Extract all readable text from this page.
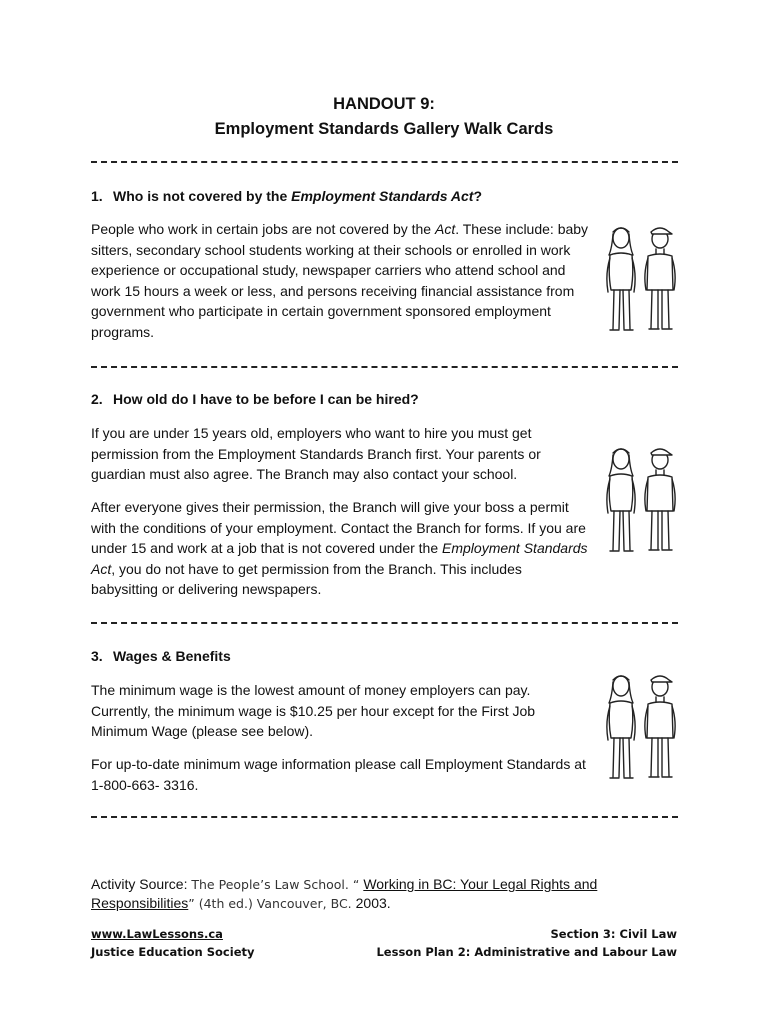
HANDOUT 9:
Employment Standards Gallery Walk Cards
1. Who is not covered by the Employment Standards Act?
People who work in certain jobs are not covered by the Act. These include: baby sitters, secondary school students working at their schools or enrolled in work experience or occupational study, newspaper carriers who attend school and work 15 hours a week or less, and persons receiving financial assistance from government who participate in certain government sponsored employment programs.
2. How old do I have to be before I can be hired?
If you are under 15 years old, employers who want to hire you must get permission from the Employment Standards Branch first. Your parents or guardian must also agree. The Branch may also contact your school.
After everyone gives their permission, the Branch will give your boss a permit with the conditions of your employment. Contact the Branch for forms. If you are under 15 and work at a job that is not covered under the Employment Standards Act, you do not have to get permission from the Branch. This includes babysitting or delivering newspapers.
3. Wages & Benefits
The minimum wage is the lowest amount of money employers can pay. Currently, the minimum wage is $10.25 per hour except for the First Job Minimum Wage (please see below).
For up-to-date minimum wage information please call Employment Standards at 1-800-663- 3316.
Activity Source: The People’s Law School. “ Working in BC: Your Legal Rights and Responsibilities” (4th ed.) Vancouver, BC. 2003.
www.LawLessons.ca
Justice Education Society
Section 3: Civil Law
Lesson Plan 2: Administrative and Labour Law
